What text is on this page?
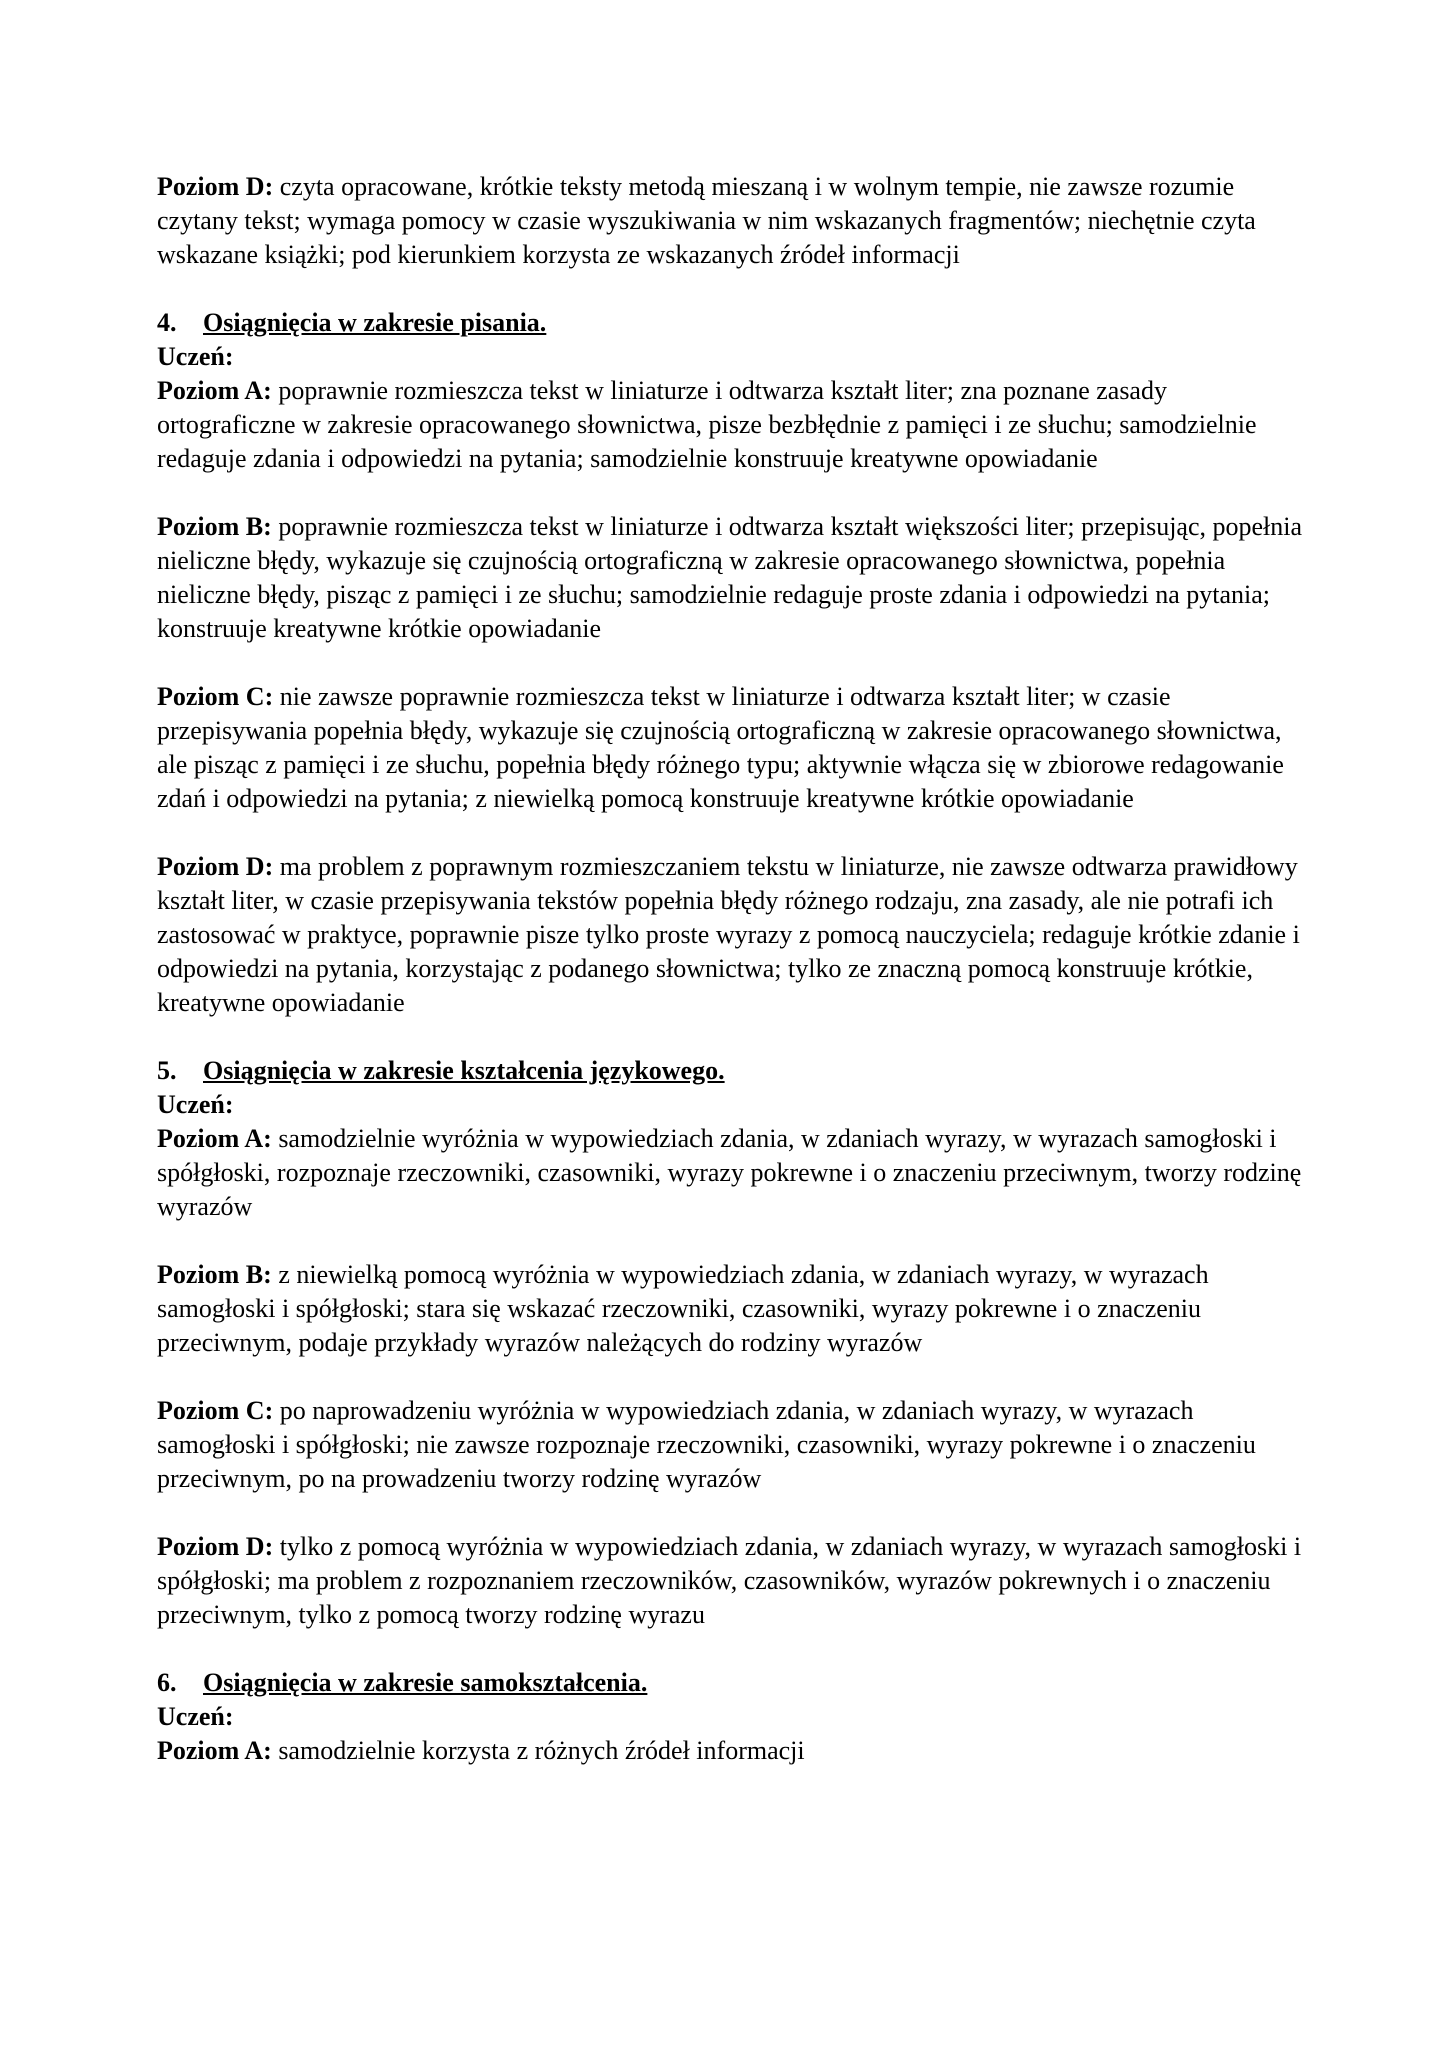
Poziom D: czyta opracowane, krótkie teksty metodą mieszaną i w wolnym tempie, nie zawsze rozumie czytany tekst; wymaga pomocy w czasie wyszukiwania w nim wskazanych fragmentów; niechętnie czyta wskazane książki; pod kierunkiem korzysta ze wskazanych źródeł informacji

4. Osiągnięcia w zakresie pisania.

Uczeń:

Poziom A: poprawnie rozmieszcza tekst w liniaturze i odtwarza kształt liter; zna poznane zasady ortograficzne w zakresie opracowanego słownictwa, pisze bezbłędnie z pamięci i ze słuchu; samodzielnie redaguje zdania i odpowiedzi na pytania; samodzielnie konstruuje kreatywne opowiadanie

Poziom B: poprawnie rozmieszcza tekst w liniaturze i odtwarza kształt większości liter; przepisując, popełnia nieliczne błędy, wykazuje się czujnością ortograficzną w zakresie opracowanego słownictwa, popełnia nieliczne błędy, pisząc z pamięci i ze słuchu; samodzielnie redaguje proste zdania i odpowiedzi na pytania; konstruuje kreatywne krótkie opowiadanie

Poziom C: nie zawsze poprawnie rozmieszcza tekst w liniaturze i odtwarza kształt liter; w czasie przepisywania popełnia błędy, wykazuje się czujnością ortograficzną w zakresie opracowanego słownictwa, ale pisząc z pamięci i ze słuchu, popełnia błędy różnego typu; aktywnie włącza się w zbiorowe redagowanie zdań i odpowiedzi na pytania; z niewielką pomocą konstruuje kreatywne krótkie opowiadanie

Poziom D: ma problem z poprawnym rozmieszczaniem tekstu w liniaturze, nie zawsze odtwarza prawidłowy kształt liter, w czasie przepisywania tekstów popełnia błędy różnego rodzaju, zna zasady, ale nie potrafi ich zastosować w praktyce, poprawnie pisze tylko proste wyrazy z pomocą nauczyciela; redaguje krótkie zdanie i odpowiedzi na pytania, korzystając z podanego słownictwa; tylko ze znaczną pomocą konstruuje krótkie, kreatywne opowiadanie

5. Osiągnięcia w zakresie kształcenia językowego.

Uczeń:

Poziom A: samodzielnie wyróżnia w wypowiedziach zdania, w zdaniach wyrazy, w wyrazach samogłoski i spółgłoski, rozpoznaje rzeczowniki, czasowniki, wyrazy pokrewne i o znaczeniu przeciwnym, tworzy rodzinę wyrazów

Poziom B: z niewielką pomocą wyróżnia w wypowiedziach zdania, w zdaniach wyrazy, w wyrazach samogłoski i spółgłoski; stara się wskazać rzeczowniki, czasowniki, wyrazy pokrewne i o znaczeniu przeciwnym, podaje przykłady wyrazów należących do rodziny wyrazów

Poziom C: po naprowadzeniu wyróżnia w wypowiedziach zdania, w zdaniach wyrazy, w wyrazach samogłoski i spółgłoski; nie zawsze rozpoznaje rzeczowniki, czasowniki, wyrazy pokrewne i o znaczeniu przeciwnym, po na prowadzeniu tworzy rodzinę wyrazów

Poziom D: tylko z pomocą wyróżnia w wypowiedziach zdania, w zdaniach wyrazy, w wyrazach samogłoski i spółgłoski; ma problem z rozpoznaniem rzeczowników, czasowników, wyrazów pokrewnych i o znaczeniu przeciwnym, tylko z pomocą tworzy rodzinę wyrazu

6. Osiągnięcia w zakresie samokształcenia.

Uczeń:

Poziom A: samodzielnie korzysta z różnych źródeł informacji
